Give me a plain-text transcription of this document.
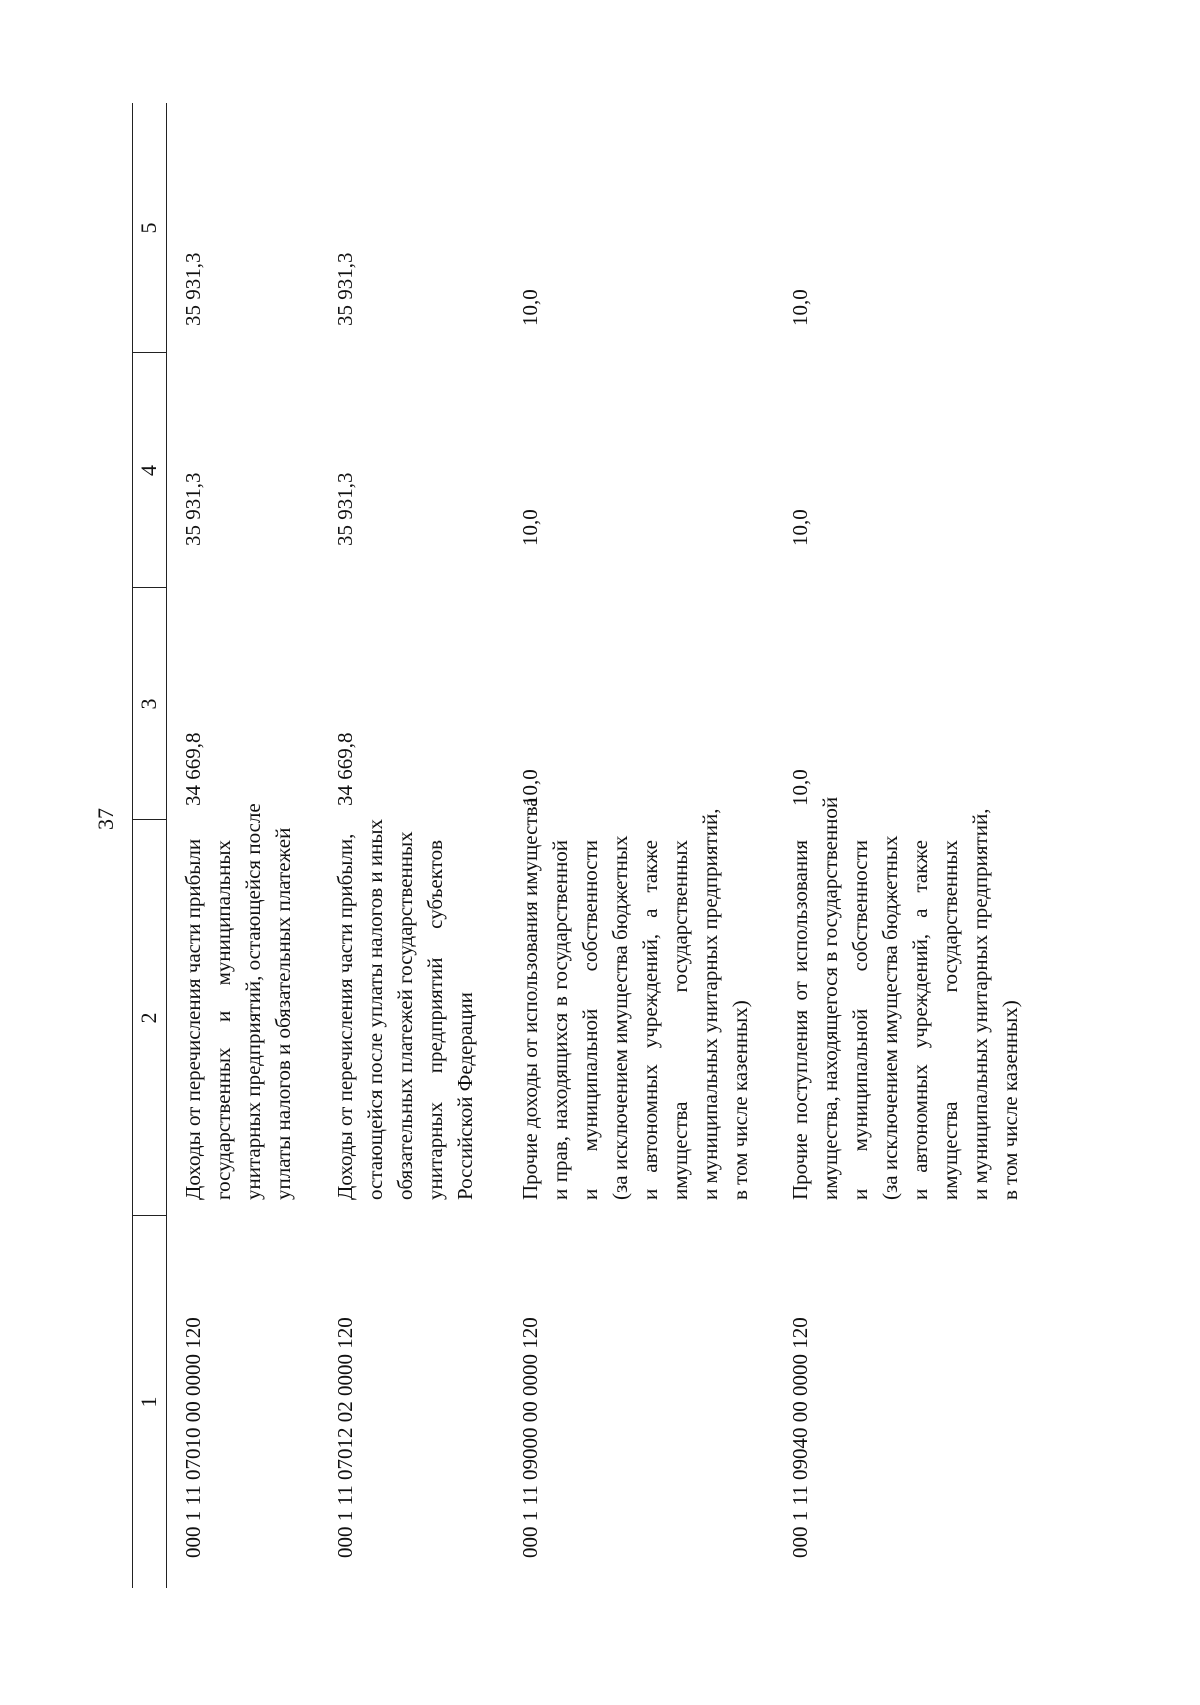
37
1
2
3
4
5
000 1 11 07010 00 0000 120
Доходы от перечисления части прибыли государственных и муниципальных унитарных предприятий, остающейся после уплаты налогов и обязательных платежей
34 669,8
35 931,3
35 931,3
000 1 11 07012 02 0000 120
Доходы от перечисления части прибыли, остающейся после уплаты налогов и иных обязательных платежей государственных унитарных предприятий субъектов Российской Федерации
34 669,8
35 931,3
35 931,3
000 1 11 09000 00 0000 120
Прочие доходы от использования имущества и прав, находящихся в государственной и муниципальной собственности (за исключением имущества бюджетных и автономных учреждений, а также имущества государственных и муниципальных унитарных предприятий, в том числе казенных)
10,0
10,0
10,0
000 1 11 09040 00 0000 120
Прочие поступления от использования имущества, находящегося в государственной и муниципальной собственности (за исключением имущества бюджетных и автономных учреждений, а также имущества государственных и муниципальных унитарных предприятий, в том числе казенных)
10,0
10,0
10,0
